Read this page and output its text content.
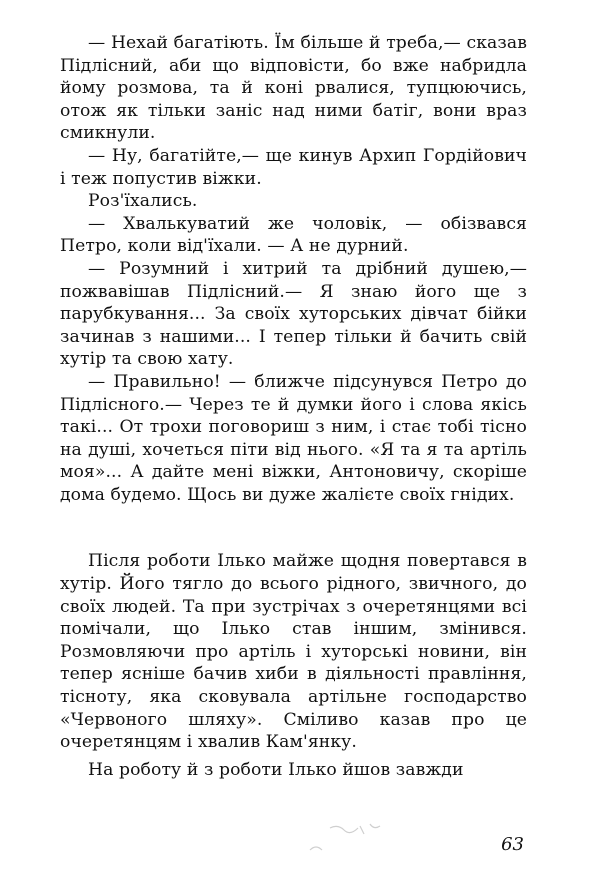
— Нехай багатіють. Їм більше й треба,— сказав Підлісний, аби що відповісти, бо вже набридла йому розмова, та й коні рвалися, тупцюючись, отож як тільки заніс над ними батіг, вони враз смикнули.

— Ну, багатійте,— ще кинув Архип Гордійович і теж попустив віжки.

Роз'їхались.

— Хвалькуватий же чоловік, — обізвався Петро, коли від'їхали. — А не дурний.

— Розумний і хитрий та дрібний душею,— пожвавішав Підлісний.— Я знаю його ще з парубкування... За своїх хуторських дівчат бійки зачинав з нашими... І тепер тільки й бачить свій хутір та свою хату.

— Правильно! — ближче підсунувся Петро до Підлісного.— Через те й думки його і слова якісь такі... От трохи поговориш з ним, і стає тобі тісно на душі, хочеться піти від нього. «Я та я та артіль моя»... А дайте мені віжки, Антоновичу, скоріше дома будемо. Щось ви дуже жалієте своїх гнідих.

Після роботи Ілько майже щодня повертався в хутір. Його тягло до всього рідного, звичного, до своїх людей. Та при зустрічах з очеретянцями всі помічали, що Ілько став іншим, змінився. Розмовляючи про артіль і хуторські новини, він тепер ясніше бачив хиби в діяльності правління, тісноту, яка сковувала артільне господарство «Червоного шляху». Сміливо казав про це очеретянцям і хвалив Кам'янку.

На роботу й з роботи Ілько йшов завжди

63
